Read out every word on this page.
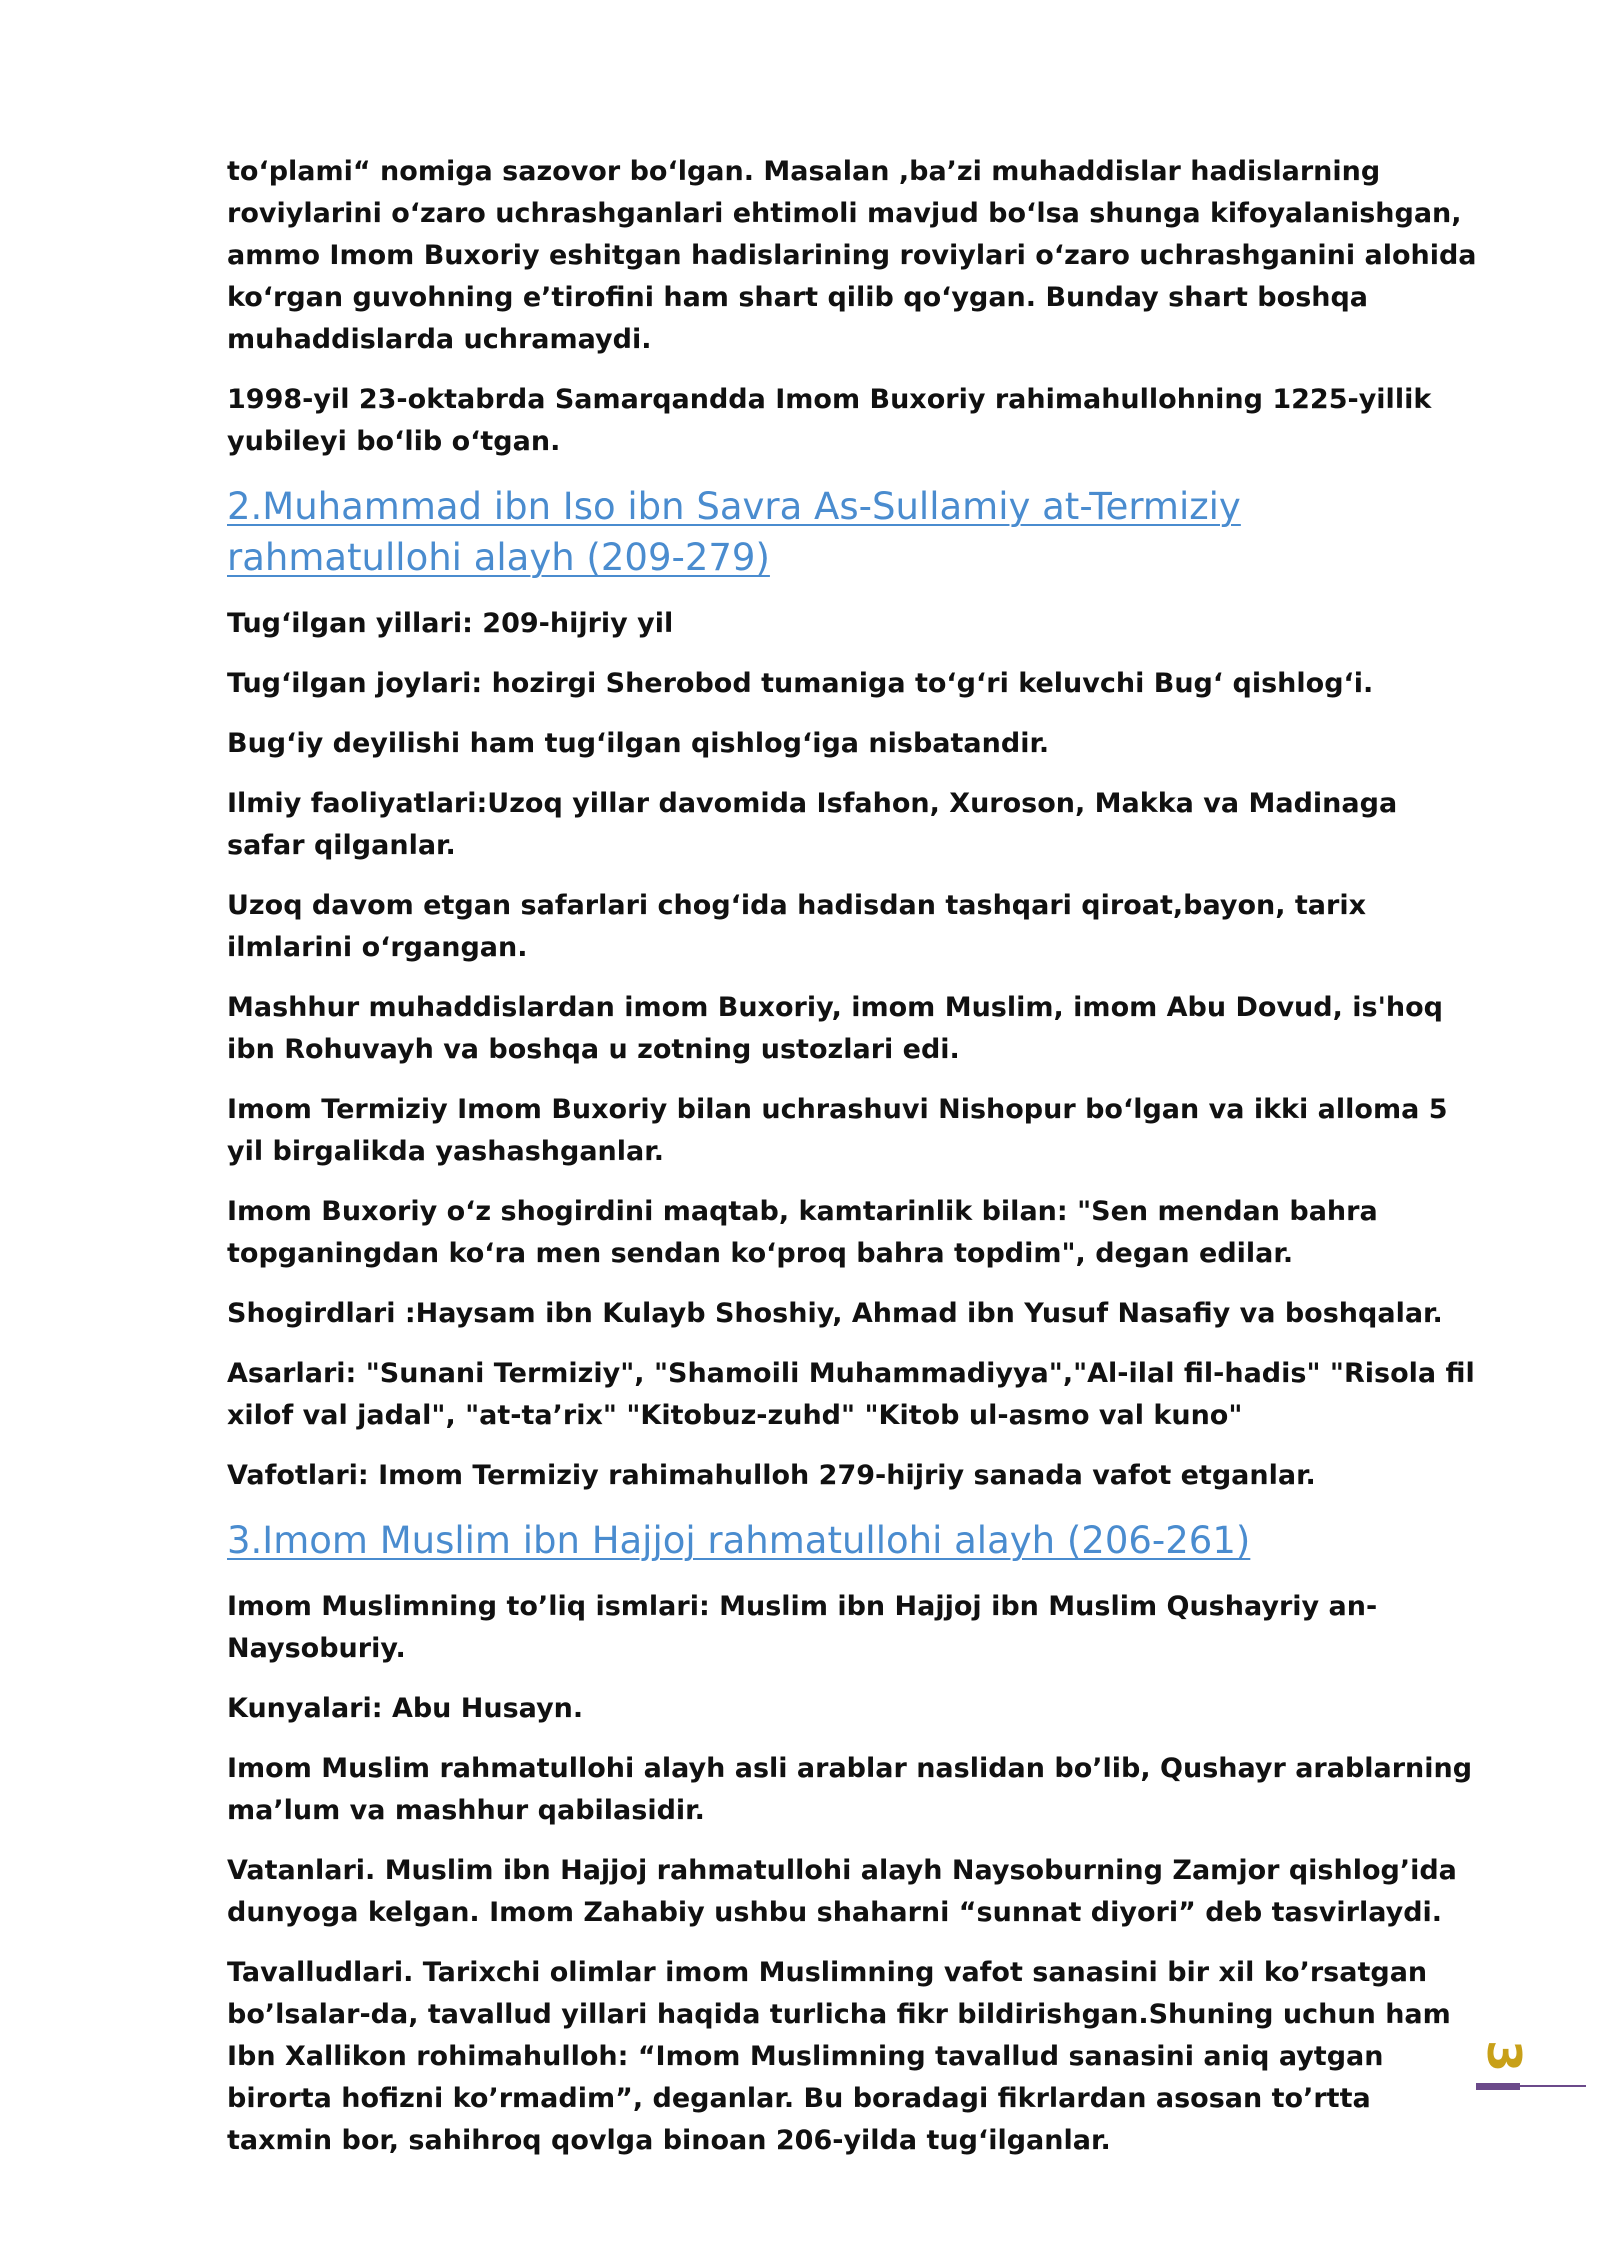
to‘plami“ nomiga sazovor bo‘lgan. Masalan ,ba’zi muhaddislar hadislarning roviylarini o‘zaro uchrashganlari ehtimoli mavjud bo‘lsa shunga kifoyalanishgan, ammo Imom Buxoriy eshitgan hadislarining roviylari o‘zaro uchrashganini alohida ko‘rgan guvohning e’tirofini ham shart qilib qo‘ygan. Bunday shart boshqa muhaddislarda uchramaydi.

1998-yil 23-oktabrda Samarqandda Imom Buxoriy rahimahullohning 1225-yillik yubileyi bo‘lib o‘tgan.

2.Muhammad ibn Iso ibn Savra As-Sullamiy at-Termiziy rahmatullohi alayh (209-279)

Tug‘ilgan yillari: 209-hijriy yil

Tug‘ilgan joylari: hozirgi Sherobod tumaniga to‘g‘ri keluvchi Bug‘ qishlog‘i.

Bug‘iy deyilishi ham tug‘ilgan qishlog‘iga nisbatandir.

Ilmiy faoliyatlari:Uzoq yillar davomida Isfahon, Xuroson, Makka va Madinaga safar qilganlar.

Uzoq davom etgan safarlari chog‘ida hadisdan tashqari qiroat,bayon, tarix ilmlarini o‘rgangan.

Mashhur muhaddislardan imom Buxoriy, imom Muslim, imom Abu Dovud, is'hoq ibn Rohuvayh va boshqa u zotning ustozlari edi.

Imom Termiziy Imom Buxoriy bilan uchrashuvi Nishopur bo‘lgan va ikki alloma 5 yil birgalikda yashashganlar.

Imom Buxoriy o‘z shogirdini maqtab, kamtarinlik bilan: "Sen mendan bahra topganingdan ko‘ra men sendan ko‘proq bahra topdim", degan edilar.

Shogirdlari :Haysam ibn Kulayb Shoshiy, Ahmad ibn Yusuf Nasafiy va boshqalar.

Asarlari: "Sunani Termiziy", "Shamoili Muhammadiyya","Al-ilal fil-hadis" "Risola fil xilof val jadal", "at-ta’rix" "Kitobuz-zuhd" "Kitob ul-asmo val kuno"

Vafotlari: Imom Termiziy rahimahulloh 279-hijriy sanada vafot etganlar.

3.Imom Muslim ibn Hajjoj rahmatullohi alayh (206-261)

Imom Muslimning to’liq ismlari: Muslim ibn Hajjoj ibn Muslim Qushayriy an-Naysoburiy.

Kunyalari: Abu Husayn.

Imom Muslim rahmatullohi alayh asli arablar naslidan bo’lib, Qushayr arablarning ma’lum va mashhur qabilasidir.

Vatanlari. Muslim ibn Hajjoj rahmatullohi alayh Naysoburning Zamjor qishlog’ida dunyoga kelgan. Imom Zahabiy ushbu shaharni “sunnat diyori” deb tasvirlaydi.

Tavalludlari. Tarixchi olimlar imom Muslimning vafot sanasini bir xil ko’rsatgan bo’lsalar-da, tavallud yillari haqida turlicha fikr bildirishgan.Shuning uchun ham Ibn Xallikon rohimahulloh: “Imom Muslimning tavallud sanasini aniq aytgan birorta hofizni ko’rmadim”, deganlar. Bu boradagi fikrlardan asosan to’rtta taxmin bor, sahihroq qovlga binoan 206-yilda tug‘ilganlar.

3
